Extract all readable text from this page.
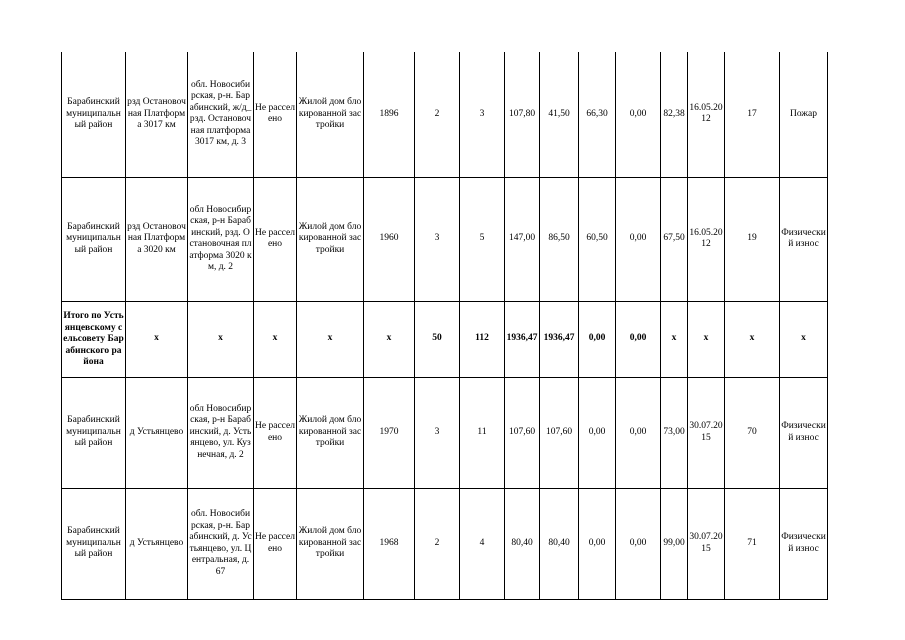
Барабинский муниципальный район	рзд Остановочная Платформа 3017 км	обл. Новосибирская, р-н. Барабинский, ж/д_рзд. Остановочная платформа 3017 км, д. 3	Не расселено	Жилой дом блокированной застройки	1896	2	3	107,80	41,50	66,30	0,00	82,38	16.05.2012	17	Пожар
Барабинский муниципальный район	рзд Остановочная Платформа 3020 км	обл Новосибирская, р-н Барабинский, рзд. Остановочная платформа 3020 км, д. 2	Не расселено	Жилой дом блокированной застройки	1960	3	5	147,00	86,50	60,50	0,00	67,50	16.05.2012	19	Физический износ
Итого по Устьянцевскому сельсовету Барабинского района	x	x	x	x	x	50	112	1936,47	1936,47	0,00	0,00	x	x	x	x
Барабинский муниципальный район	д Устьянцево	обл Новосибирская, р-н Барабинский, д. Устьянцево, ул. Кузнечная, д. 2	Не расселено	Жилой дом блокированной застройки	1970	3	11	107,60	107,60	0,00	0,00	73,00	30.07.2015	70	Физический износ
Барабинский муниципальный район	д Устьянцево	обл. Новосибирская, р-н. Барабинский, д. Устьянцево, ул. Центральная, д. 67	Не расселено	Жилой дом блокированной застройки	1968	2	4	80,40	80,40	0,00	0,00	99,00	30.07.2015	71	Физический износ
